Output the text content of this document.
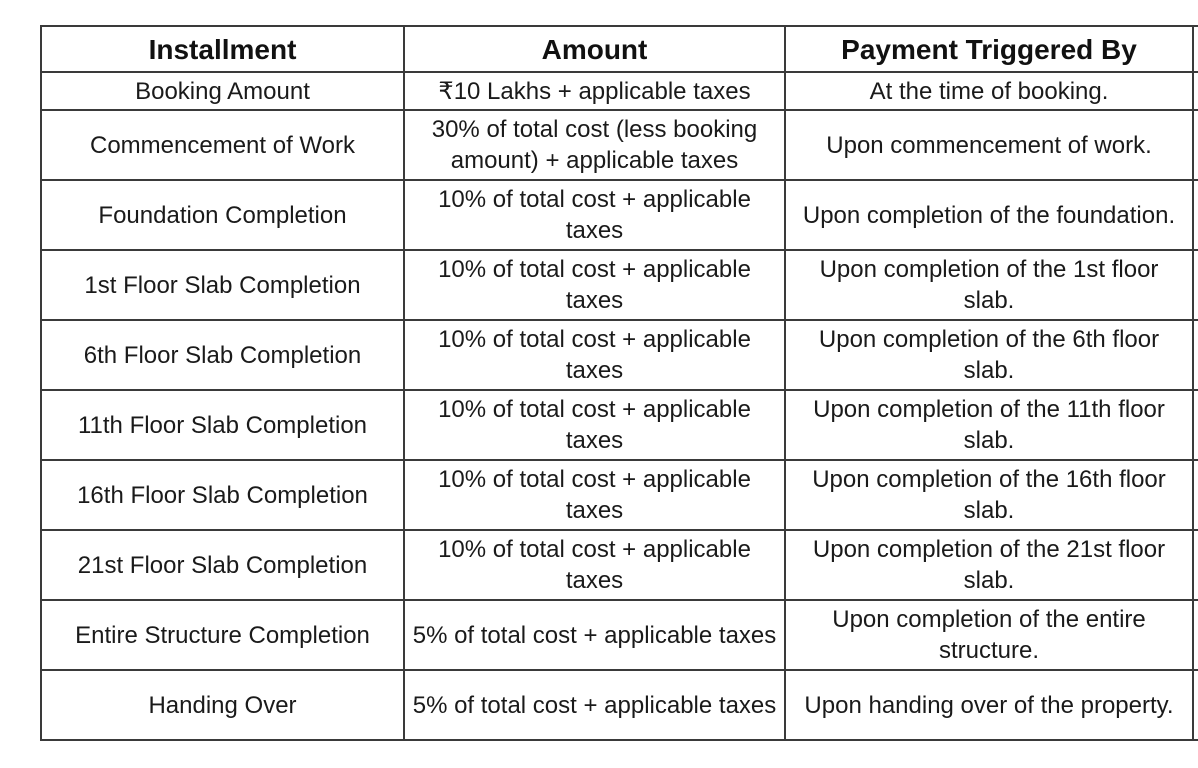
Installment	Amount	Payment Triggered By	
Booking Amount	₹10 Lakhs + applicable taxes	At the time of booking.	
Commencement of Work	30% of total cost (less booking amount) + applicable taxes	Upon commencement of work.	
Foundation Completion	10% of total cost + applicable taxes	Upon completion of the foundation.	
1st Floor Slab Completion	10% of total cost + applicable taxes	Upon completion of the 1st floor slab.	
6th Floor Slab Completion	10% of total cost + applicable taxes	Upon completion of the 6th floor slab.	
11th Floor Slab Completion	10% of total cost + applicable taxes	Upon completion of the 11th floor slab.	
16th Floor Slab Completion	10% of total cost + applicable taxes	Upon completion of the 16th floor slab.	
21st Floor Slab Completion	10% of total cost + applicable taxes	Upon completion of the 21st floor slab.	
Entire Structure Completion	5% of total cost + applicable taxes	Upon completion of the entire structure.	
Handing Over	5% of total cost + applicable taxes	Upon handing over of the property.	
